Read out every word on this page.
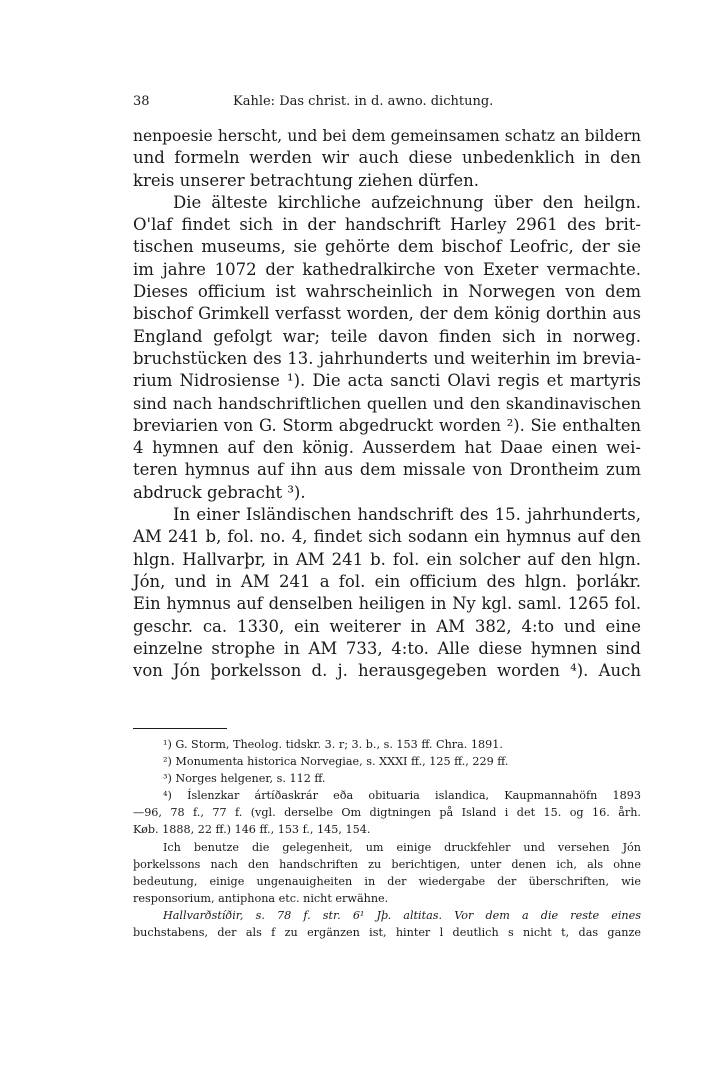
38	Kahle: Das christ. in d. awno. dichtung.
nenpoesie herscht, und bei dem gemeinsamen schatz an bildern
und formeln werden wir auch diese unbedenklich in den
kreis unserer betrachtung ziehen dürfen.
Die älteste kirchliche aufzeichnung über den heilgn.
O'laf findet sich in der handschrift Harley 2961 des brit-
tischen museums, sie gehörte dem bischof Leofric, der sie
im jahre 1072 der kathedralkirche von Exeter vermachte.
Dieses officium ist wahrscheinlich in Norwegen von dem
bischof Grimkell verfasst worden, der dem könig dorthin aus
England gefolgt war; teile davon finden sich in norweg.
bruchstücken des 13. jahrhunderts und weiterhin im brevia-
rium Nidrosiense ¹). Die acta sancti Olavi regis et martyris
sind nach handschriftlichen quellen und den skandinavischen
breviarien von G. Storm abgedruckt worden ²). Sie enthalten
4 hymnen auf den könig. Ausserdem hat Daae einen wei-
teren hymnus auf ihn aus dem missale von Drontheim zum
abdruck gebracht ³).
In einer Isländischen handschrift des 15. jahrhunderts,
AM 241 b, fol. no. 4, findet sich sodann ein hymnus auf den
hlgn. Hallvarþr, in AM 241 b. fol. ein solcher auf den hlgn.
Jón, und in AM 241 a fol. ein officium des hlgn. þorlákr.
Ein hymnus auf denselben heiligen in Ny kgl. saml. 1265 fol.
geschr. ca. 1330, ein weiterer in AM 382, 4:to und eine
einzelne strophe in AM 733, 4:to. Alle diese hymnen sind
von Jón þorkelsson d. j. herausgegeben worden ⁴). Auch
¹) G. Storm, Theolog. tidskr. 3. r; 3. b., s. 153 ff. Chra. 1891.
²) Monumenta historica Norvegiae, s. XXXI ff., 125 ff., 229 ff.
³) Norges helgener, s. 112 ff.
⁴) Íslenzkar ártíðaskrár eða obituaria islandica, Kaupmannahöfn 1893
—96, 78 f., 77 f. (vgl. derselbe Om digtningen på Island i det 15. og 16. årh.
Køb. 1888, 22 ff.) 146 ff., 153 f., 145, 154.
Ich benutze die gelegenheit, um einige druckfehler und versehen Jón
þorkelssons nach den handschriften zu berichtigen, unter denen ich, als ohne
bedeutung, einige ungenauigheiten in der wiedergabe der überschriften, wie
responsorium, antiphona etc. nicht erwähne.
Hallvarðstíðir, s. 78 f. str. 6¹ Jþ. altitas. Vor dem a die reste eines
buchstabens, der als f zu ergänzen ist, hinter l deutlich s nicht t, das ganze
